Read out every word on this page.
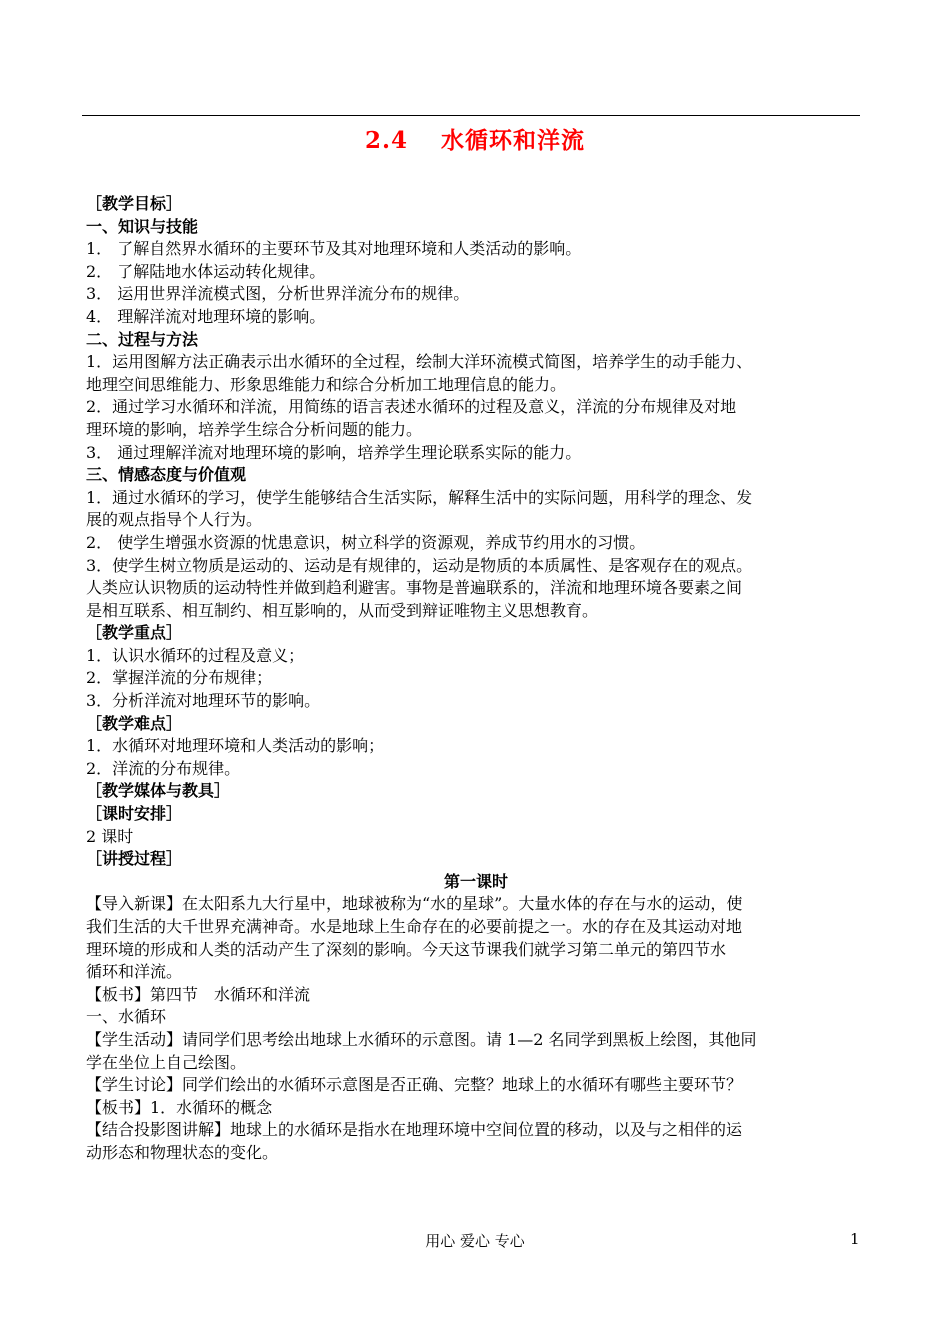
2.4　 水循环和洋流
［教学目标］
一、知识与技能
1． 了解自然界水循环的主要环节及其对地理环境和人类活动的影响。
2． 了解陆地水体运动转化规律。
3． 运用世界洋流模式图，分析世界洋流分布的规律。
4． 理解洋流对地理环境的影响。
二、过程与方法
1．运用图解方法正确表示出水循环的全过程，绘制大洋环流模式简图，培养学生的动手能力、
地理空间思维能力、形象思维能力和综合分析加工地理信息的能力。
2．通过学习水循环和洋流，用简练的语言表述水循环的过程及意义，洋流的分布规律及对地
理环境的影响，培养学生综合分析问题的能力。
3． 通过理解洋流对地理环境的影响，培养学生理论联系实际的能力。
三、情感态度与价值观
1．通过水循环的学习，使学生能够结合生活实际，解释生活中的实际问题，用科学的理念、发
展的观点指导个人行为。
2． 使学生增强水资源的忧患意识，树立科学的资源观，养成节约用水的习惯。
3．使学生树立物质是运动的、运动是有规律的，运动是物质的本质属性、是客观存在的观点。
人类应认识物质的运动特性并做到趋利避害。事物是普遍联系的，洋流和地理环境各要素之间
是相互联系、相互制约、相互影响的，从而受到辩证唯物主义思想教育。
［教学重点］
1．认识水循环的过程及意义；
2．掌握洋流的分布规律；
3．分析洋流对地理环节的影响。
［教学难点］
1．水循环对地理环境和人类活动的影响；
2．洋流的分布规律。
［教学媒体与教具］
［课时安排］
2 课时
［讲授过程］
第一课时
【导入新课】在太阳系九大行星中，地球被称为“水的星球”。大量水体的存在与水的运动，使
我们生活的大千世界充满神奇。水是地球上生命存在的必要前提之一。水的存在及其运动对地
理环境的形成和人类的活动产生了深刻的影响。今天这节课我们就学习第二单元的第四节水
循环和洋流。
【板书】第四节　水循环和洋流
一、水循环
【学生活动】请同学们思考绘出地球上水循环的示意图。请 1—2 名同学到黑板上绘图，其他同
学在坐位上自己绘图。
【学生讨论】同学们绘出的水循环示意图是否正确、完整？地球上的水循环有哪些主要环节？
【板书】1．水循环的概念
【结合投影图讲解】地球上的水循环是指水在地理环境中空间位置的移动，以及与之相伴的运
动形态和物理状态的变化。
用心 爱心 专心	1
